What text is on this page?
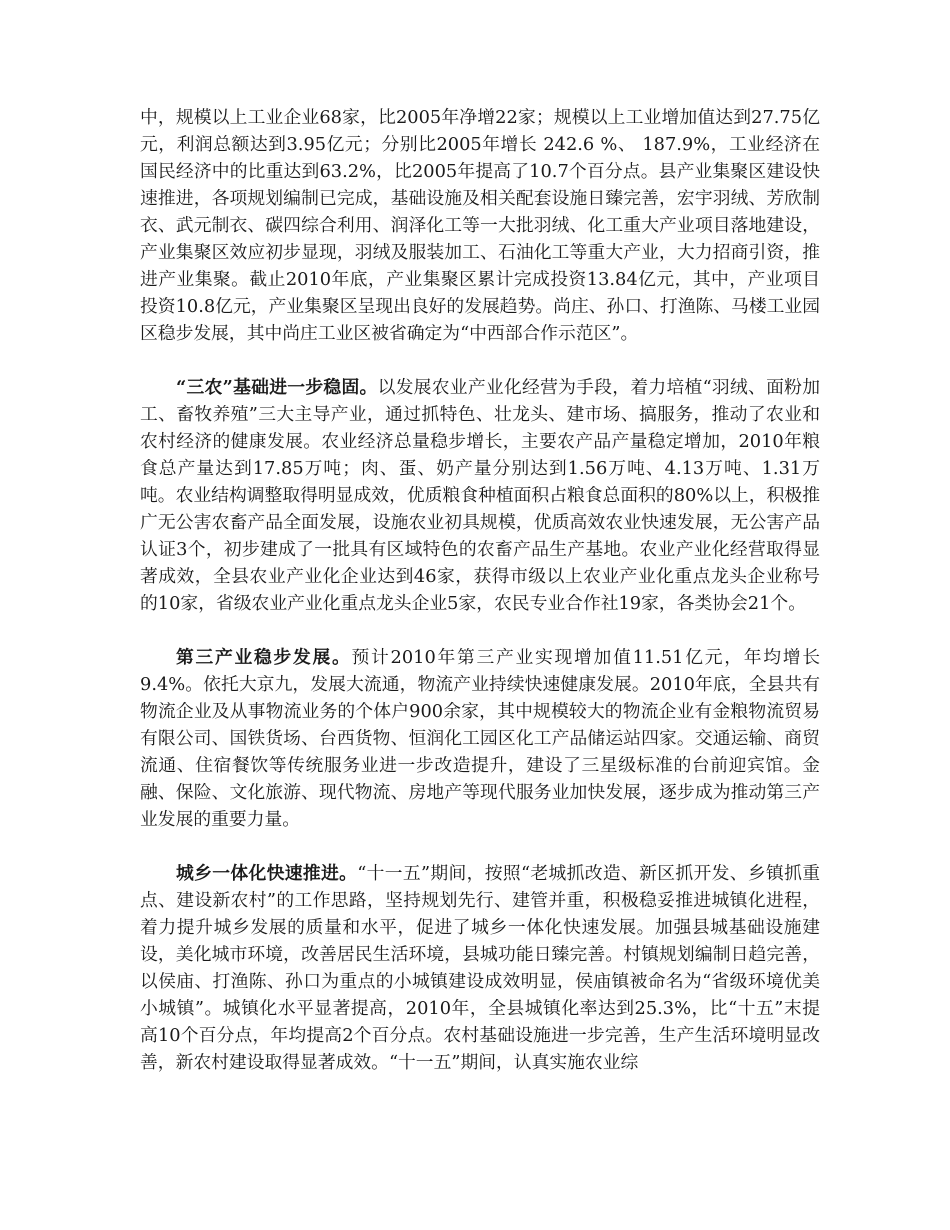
中，规模以上工业企业68家，比2005年净增22家；规模以上工业增加值达到27.75亿元，利润总额达到3.95亿元；分别比2005年增长 242.6 %、 187.9%，工业经济在国民经济中的比重达到63.2%，比2005年提高了10.7个百分点。县产业集聚区建设快速推进，各项规划编制已完成，基础设施及相关配套设施日臻完善，宏宇羽绒、芳欣制衣、武元制衣、碳四综合利用、润泽化工等一大批羽绒、化工重大产业项目落地建设，产业集聚区效应初步显现，羽绒及服装加工、石油化工等重大产业，大力招商引资，推进产业集聚。截止2010年底，产业集聚区累计完成投资13.84亿元，其中，产业项目投资10.8亿元，产业集聚区呈现出良好的发展趋势。尚庄、孙口、打渔陈、马楼工业园区稳步发展，其中尚庄工业区被省确定为“中西部合作示范区”。

“三农”基础进一步稳固。以发展农业产业化经营为手段，着力培植“羽绒、面粉加工、畜牧养殖”三大主导产业，通过抓特色、壮龙头、建市场、搞服务，推动了农业和农村经济的健康发展。农业经济总量稳步增长，主要农产品产量稳定增加，2010年粮食总产量达到17.85万吨；肉、蛋、奶产量分别达到1.56万吨、4.13万吨、1.31万吨。农业结构调整取得明显成效，优质粮食种植面积占粮食总面积的80%以上，积极推广无公害农畜产品全面发展，设施农业初具规模，优质高效农业快速发展，无公害产品认证3个，初步建成了一批具有区域特色的农畜产品生产基地。农业产业化经营取得显著成效，全县农业产业化企业达到46家，获得市级以上农业产业化重点龙头企业称号的10家，省级农业产业化重点龙头企业5家，农民专业合作社19家，各类协会21个。

第三产业稳步发展。预计2010年第三产业实现增加值11.51亿元，年均增长9.4%。依托大京九，发展大流通，物流产业持续快速健康发展。2010年底，全县共有物流企业及从事物流业务的个体户900余家，其中规模较大的物流企业有金粮物流贸易有限公司、国铁货场、台西货物、恒润化工园区化工产品储运站四家。交通运输、商贸流通、住宿餐饮等传统服务业进一步改造提升，建设了三星级标准的台前迎宾馆。金融、保险、文化旅游、现代物流、房地产等现代服务业加快发展，逐步成为推动第三产业发展的重要力量。

城乡一体化快速推进。“十一五”期间，按照“老城抓改造、新区抓开发、乡镇抓重点、建设新农村”的工作思路，坚持规划先行、建管并重，积极稳妥推进城镇化进程，着力提升城乡发展的质量和水平，促进了城乡一体化快速发展。加强县城基础设施建设，美化城市环境，改善居民生活环境，县城功能日臻完善。村镇规划编制日趋完善，以侯庙、打渔陈、孙口为重点的小城镇建设成效明显，侯庙镇被命名为“省级环境优美小城镇”。城镇化水平显著提高，2010年，全县城镇化率达到25.3%，比“十五”末提高10个百分点，年均提高2个百分点。农村基础设施进一步完善，生产生活环境明显改善，新农村建设取得显著成效。“十一五”期间，认真实施农业综
